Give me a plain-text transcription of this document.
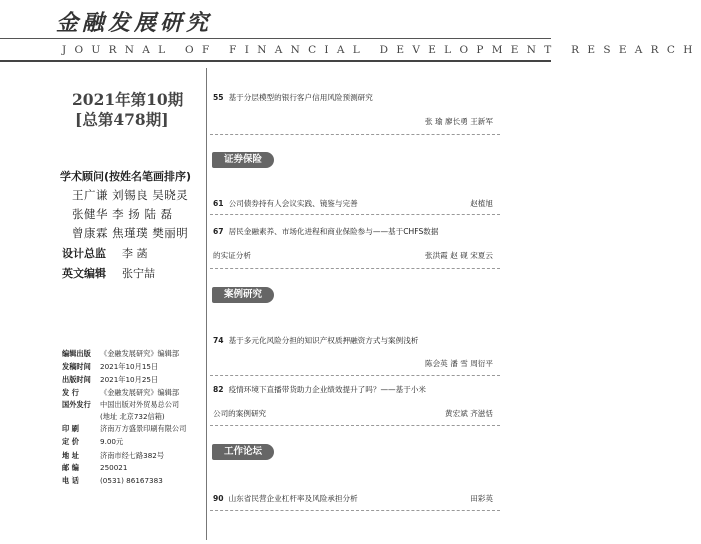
金融发展研究
JOURNAL OF FINANCIAL DEVELOPMENT RESEARCH
2021年第10期
[总第478期]
学术顾问(按姓名笔画排序)
王广谦 刘锡良 吴晓灵
张健华 李 扬 陆 磊
曾康霖 焦瑾璞 樊丽明
设计总监 李 菡
英文编辑 张宁喆
编辑出版 《金融发展研究》编辑部
发稿时间 2021年10月15日
出版时间 2021年10月25日
发 行	《金融发展研究》编辑部
国外发行 中国出版对外贸易总公司
(地址 北京732信箱)
印 刷	济南万方盛景印刷有限公司
定 价	9.00元
地 址	济南市经七路382号
邮 编	250021
电 话	(0531) 86167383
55 基于分层模型的银行客户信用风险预测研究
张 瑜 廖长勇 王新军
证券保险
61 公司债券持有人会议实践、镜鉴与完善	赵植旭
67 居民金融素养、市场化进程和商业保险参与——基于CHFS数据
的实证分析	张洪霞 赵 砚 宋夏云
案例研究
74 基于多元化风险分担的知识产权质押融资方式与案例浅析
陈会英 潘 雪 周衍平
82 疫情环境下直播带货助力企业绩效提升了吗？——基于小米
公司的案例研究	黄宏斌 齐滋恬
工作论坛
90 山东省民营企业杠杆率及风险承担分析	田彩英
